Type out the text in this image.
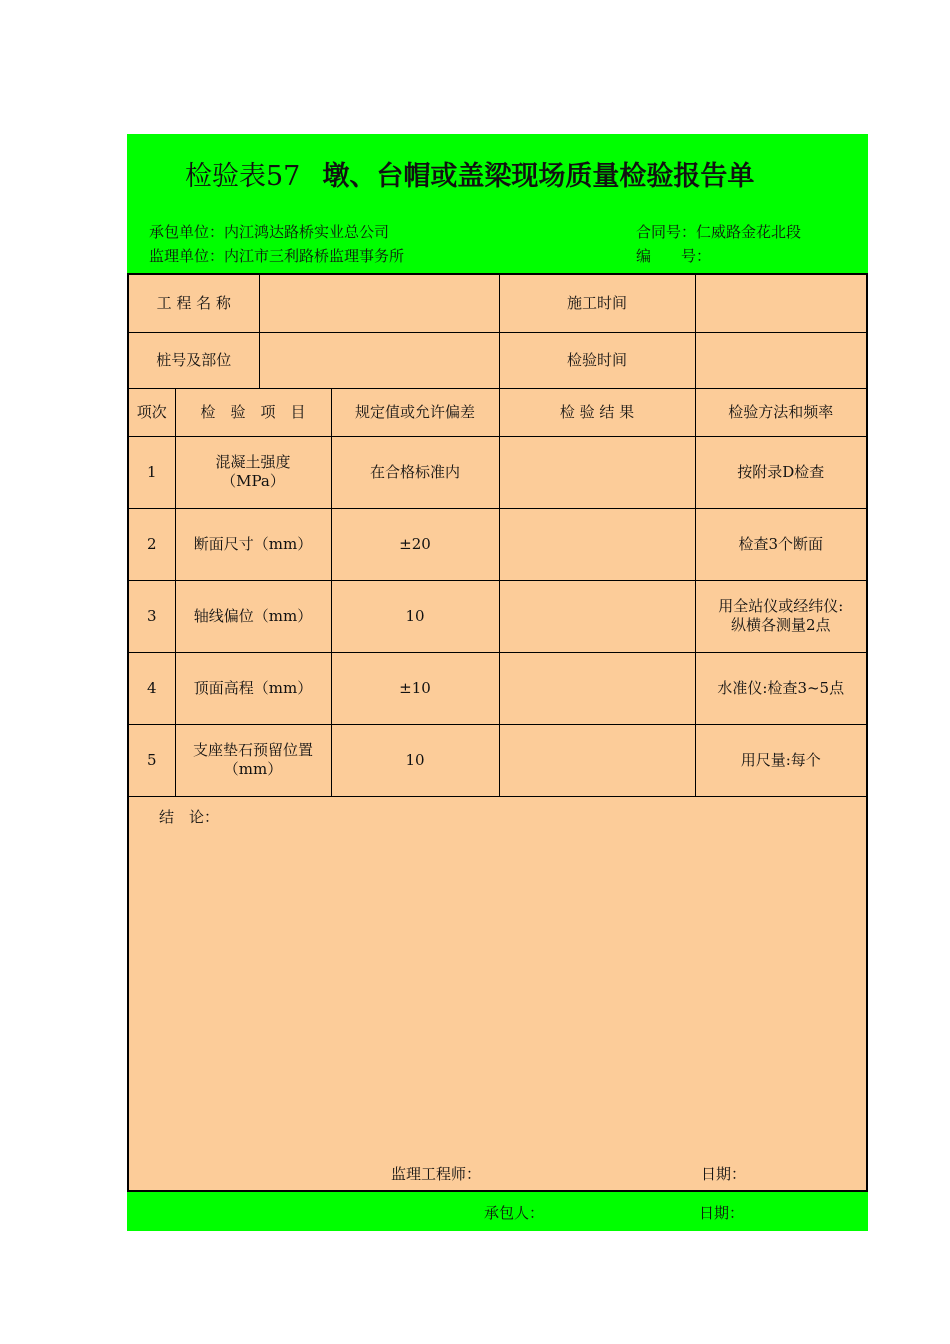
检验表57 墩、台帽或盖梁现场质量检验报告单
承包单位：内江鸿达路桥实业总公司
监理单位：内江市三利路桥监理事务所
合同号：仁威路金花北段
编　　号：
工 程 名 称				施工时间	
桩号及部位				检验时间	
项次	检　验　项　目		规定值或允许偏差	检 验 结 果	检验方法和频率
1	混凝土强度
（MPa）		在合格标准内		按附录D检查

2	断面尺寸（mm）		±20		检查3个断面

3	轴线偏位（mm）		10		用全站仪或经纬仪:
纵横各测量2点

4	顶面高程（mm）		±10		水准仪:检查3~5点

5	支座垫石预留位置
（mm）		10		用尺量:每个
结　论：
监理工程师：	日期：
承包人：	日期：
